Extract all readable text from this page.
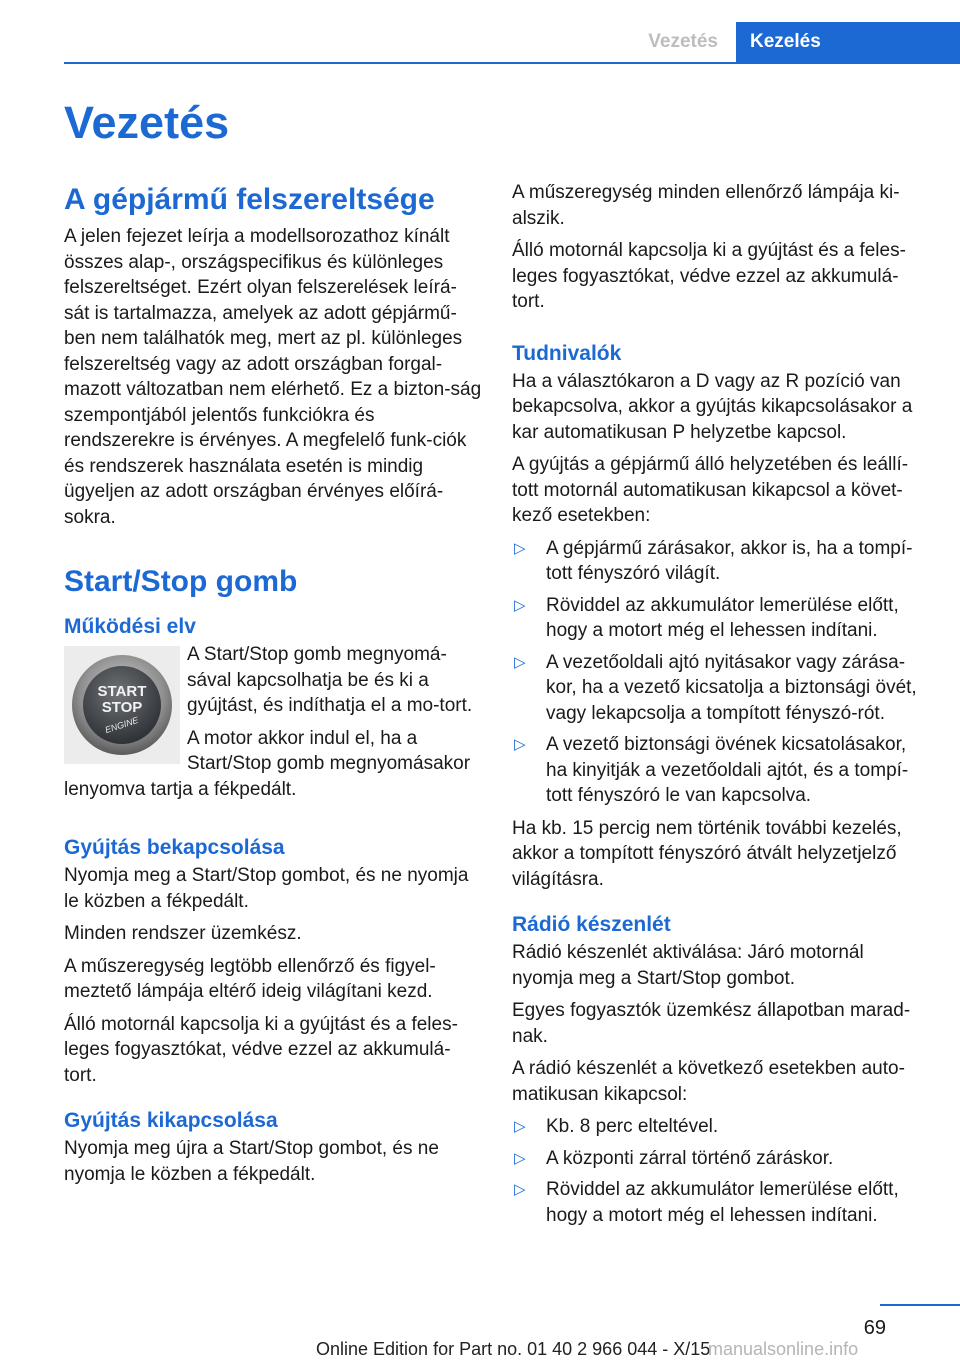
Vezetés	Kezelés
Vezetés
A gépjármű felszereltsége

A jelen fejezet leírja a modellsorozathoz kínált összes alap-, országspecifikus és különleges felszereltséget. Ezért olyan felszerelések leírá-sát is tartalmazza, amelyek az adott gépjármű-ben nem találhatók meg, mert az pl. különleges felszereltség vagy az adott országban forgal-mazott változatban nem elérhető. Ez a bizton-ság szempontjából jelentős funkciókra és rendszerekre is érvényes. A megfelelő funk-ciók és rendszerek használata esetén is mindig ügyeljen az adott országban érvényes előírá-sokra.

Start/Stop gomb
Működési elv
START
STOP
ENGINE

A Start/Stop gomb megnyomá-sával kapcsolhatja be és ki a gyújtást, és indíthatja el a mo-tort.

A motor akkor indul el, ha a Start/Stop gomb megnyomásakor lenyomva tartja a fékpedált.

Gyújtás bekapcsolása

Nyomja meg a Start/Stop gombot, és ne nyomja le közben a fékpedált.

Minden rendszer üzemkész.

A műszeregység legtöbb ellenőrző és figyel-meztető lámpája eltérő ideig világítani kezd.

Álló motornál kapcsolja ki a gyújtást és a feles-leges fogyasztókat, védve ezzel az akkumulá-tort.

Gyújtás kikapcsolása

Nyomja meg újra a Start/Stop gombot, és ne nyomja le közben a fékpedált.

A műszeregység minden ellenőrző lámpája ki-alszik.

Álló motornál kapcsolja ki a gyújtást és a feles-leges fogyasztókat, védve ezzel az akkumulá-tort.

Tudnivalók

Ha a választókaron a D vagy az R pozíció van bekapcsolva, akkor a gyújtás kikapcsolásakor a kar automatikusan P helyzetbe kapcsol.

A gyújtás a gépjármű álló helyzetében és leállí-tott motornál automatikusan kikapcsol a követ-kező esetekben:

▷ A gépjármű zárásakor, akkor is, ha a tompí-tott fényszóró világít.
▷ Röviddel az akkumulátor lemerülése előtt, hogy a motort még el lehessen indítani.
▷ A vezetőoldali ajtó nyitásakor vagy zárása-kor, ha a vezető kicsatolja a biztonsági övét, vagy lekapcsolja a tompított fényszó-rót.
▷ A vezető biztonsági övének kicsatolásakor, ha kinyitják a vezetőoldali ajtót, és a tompí-tott fényszóró le van kapcsolva.

Ha kb. 15 percig nem történik további kezelés, akkor a tompított fényszóró átvált helyzetjelző világításra.

Rádió készenlét

Rádió készenlét aktiválása: Járó motornál nyomja meg a Start/Stop gombot.

Egyes fogyasztók üzemkész állapotban marad-nak.

A rádió készenlét a következő esetekben auto-matikusan kikapcsol:

▷ Kb. 8 perc elteltével.
▷ A központi zárral történő záráskor.
▷ Röviddel az akkumulátor lemerülése előtt, hogy a motort még el lehessen indítani.
69
Online Edition for Part no. 01 40 2 966 044 - X/15
manualsonline.info
